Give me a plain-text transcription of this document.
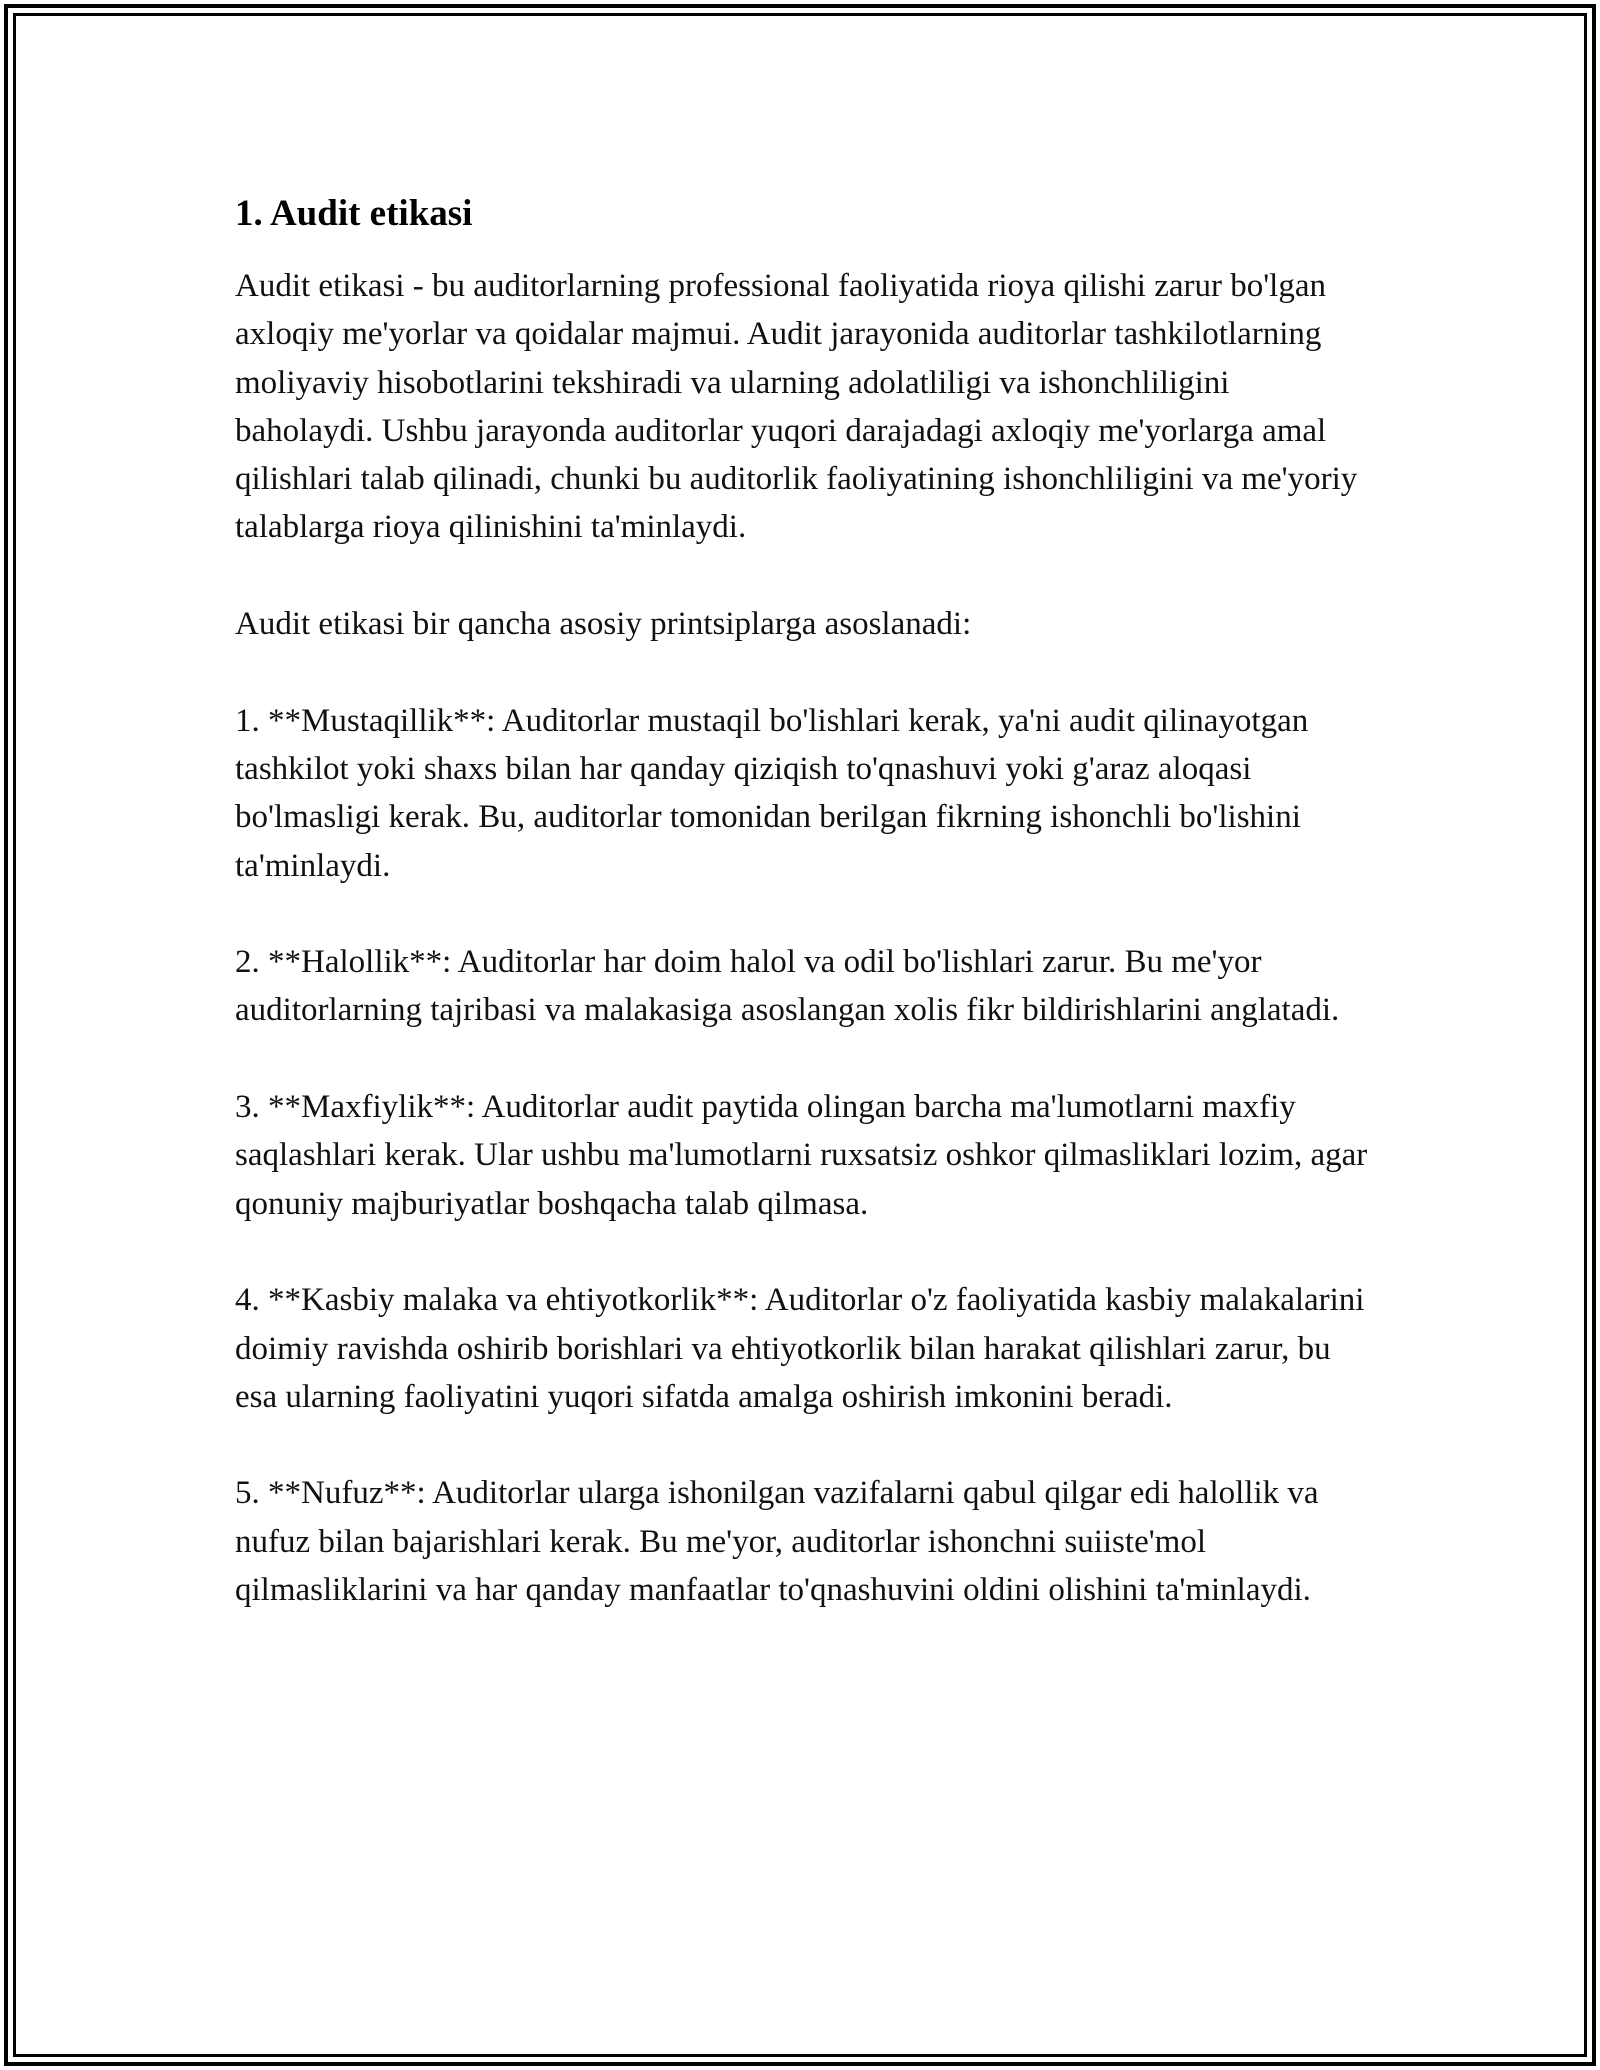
1. Audit etikasi

Audit etikasi - bu auditorlarning professional faoliyatida rioya qilishi zarur bo'lgan axloqiy me'yorlar va qoidalar majmui. Audit jarayonida auditorlar tashkilotlarning moliyaviy hisobotlarini tekshiradi va ularning adolatliligi va ishonchliligini baholaydi. Ushbu jarayonda auditorlar yuqori darajadagi axloqiy me'yorlarga amal qilishlari talab qilinadi, chunki bu auditorlik faoliyatining ishonchliligini va me'yoriy talablarga rioya qilinishini ta'minlaydi.

Audit etikasi bir qancha asosiy printsiplarga asoslanadi:

1. **Mustaqillik**: Auditorlar mustaqil bo'lishlari kerak, ya'ni audit qilinayotgan tashkilot yoki shaxs bilan har qanday qiziqish to'qnashuvi yoki g'araz aloqasi bo'lmasligi kerak. Bu, auditorlar tomonidan berilgan fikrning ishonchli bo'lishini ta'minlaydi.

2. **Halollik**: Auditorlar har doim halol va odil bo'lishlari zarur. Bu me'yor auditorlarning tajribasi va malakasiga asoslangan xolis fikr bildirishlarini anglatadi.

3. **Maxfiylik**: Auditorlar audit paytida olingan barcha ma'lumotlarni maxfiy saqlashlari kerak. Ular ushbu ma'lumotlarni ruxsatsiz oshkor qilmasliklari lozim, agar qonuniy majburiyatlar boshqacha talab qilmasa.

4. **Kasbiy malaka va ehtiyotkorlik**: Auditorlar o'z faoliyatida kasbiy malakalarini doimiy ravishda oshirib borishlari va ehtiyotkorlik bilan harakat qilishlari zarur, bu esa ularning faoliyatini yuqori sifatda amalga oshirish imkonini beradi.

5. **Nufuz**: Auditorlar ularga ishonilgan vazifalarni qabul qilgar edi halollik va nufuz bilan bajarishlari kerak. Bu me'yor, auditorlar ishonchni suiiste'mol qilmasliklarini va har qanday manfaatlar to'qnashuvini oldini olishini ta'minlaydi.
